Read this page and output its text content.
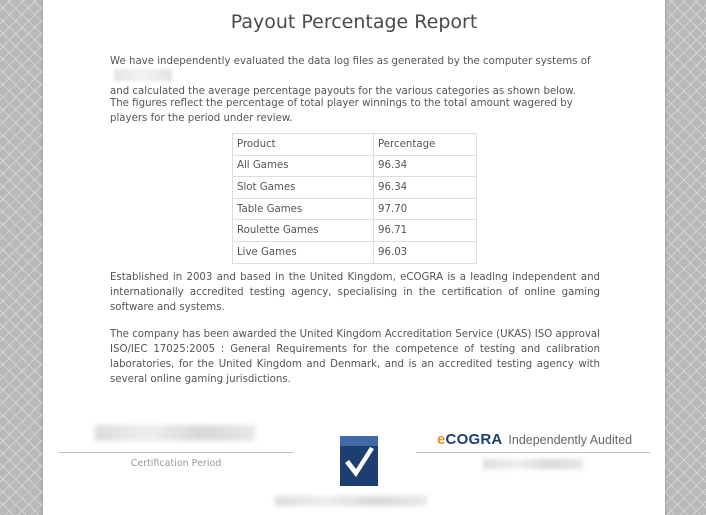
Payout Percentage Report

We have independently evaluated the data log files as generated by the computer systems of
and calculated the average percentage payouts for the various categories as shown below.

The figures reflect the percentage of total player winnings to the total amount wagered by players for the period under review.

Product	Percentage
All Games	96.34
Slot Games	96.34
Table Games	97.70
Roulette Games	96.71
Live Games	96.03

Established in 2003 and based in the United Kingdom, eCOGRA is a leading independent and internationally accredited testing agency, specialising in the certification of online gaming software and systems.

The company has been awarded the United Kingdom Accreditation Service (UKAS) ISO approval ISO/IEC 17025:2005 : General Requirements for the competence of testing and calibration laboratories, for the United Kingdom and Denmark, and is an accredited testing agency with several online gaming jurisdictions.

Certification Period
eCOGRA Independently Audited
